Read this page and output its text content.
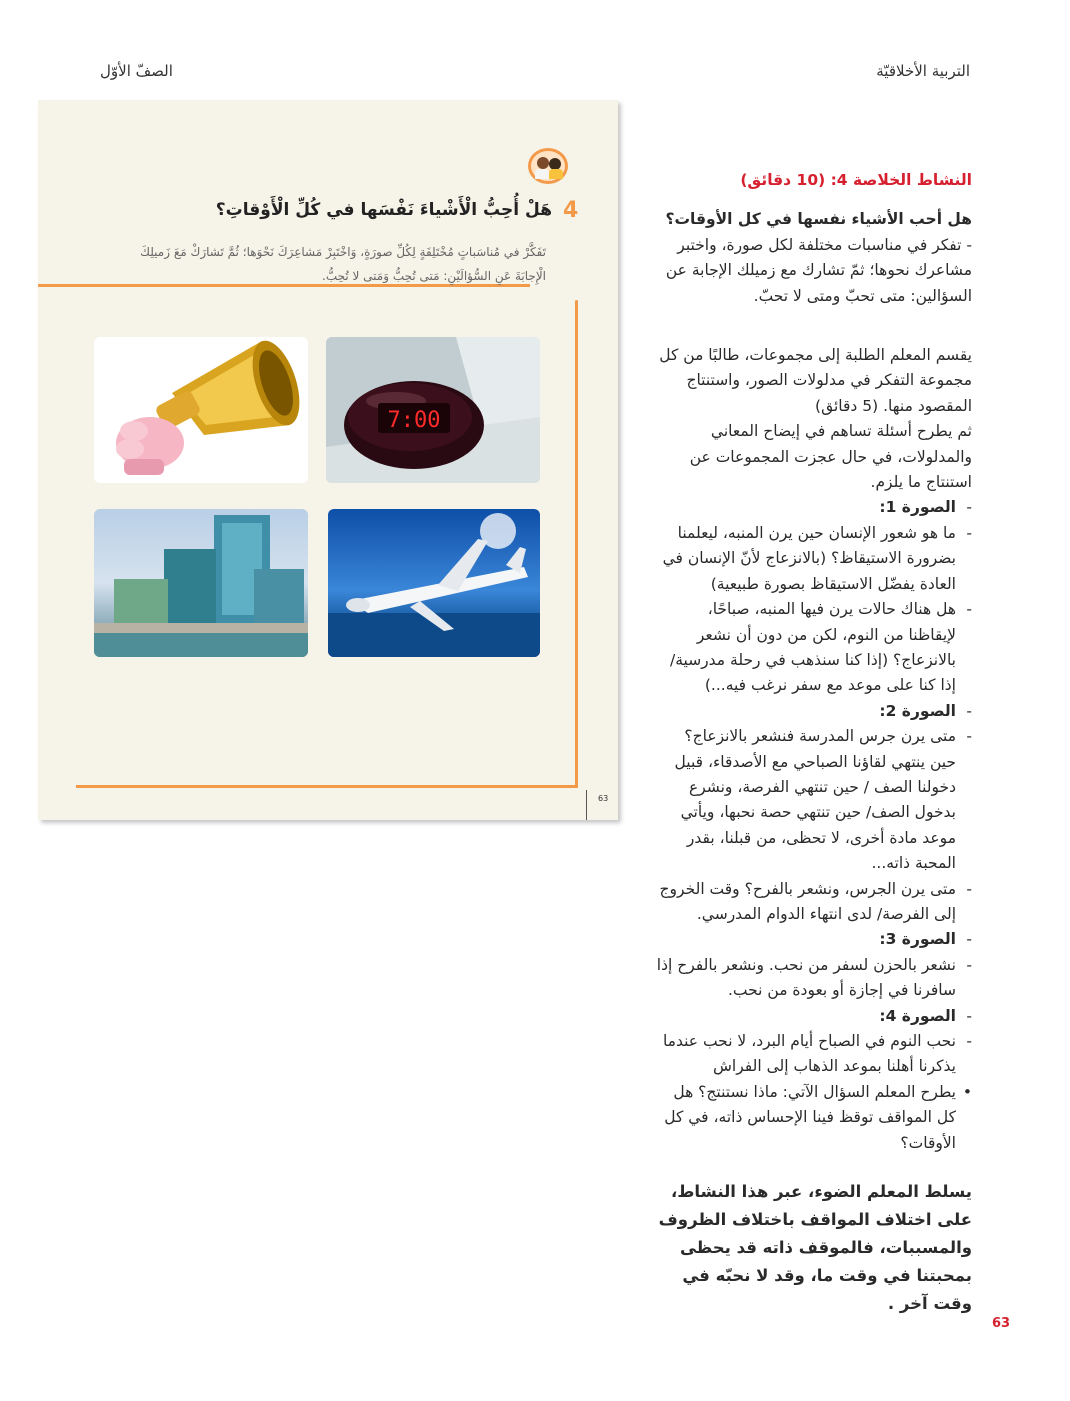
التربية الأخلاقيّة
الصفّ الأوّل
4
هَلْ أُحِبُّ الْأَشْياءَ نَفْسَها في كُلِّ الْأَوْقاتِ؟
تَفَكَّرْ في مُناسَباتٍ مُخْتَلِفَةٍ لِكُلِّ صورَةٍ، وَاخْتَبِرْ مَشاعِرَكَ نَحْوَها؛ ثُمَّ تَشارَكْ مَعَ زَميلِكَ الْإِجابَةَ عَنِ السُّؤالَيْنِ: مَتى تُحِبُّ وَمَتى لا تُحِبُّ.
7:00
63
النشاط الخلاصة 4: (10 دقائق)
هل أحب الأشياء نفسها في كل الأوقات؟
- تفكر في مناسبات مختلفة لكل صورة، واختبر مشاعرك نحوها؛ ثمّ تشارك مع زميلك الإجابة عن السؤالين: متى تحبّ ومتى لا تحبّ.
يقسم المعلم الطلبة إلى مجموعات، طالبًا من كل مجموعة التفكر في مدلولات الصور، واستنتاج المقصود منها. (5 دقائق)
ثم يطرح أسئلة تساهم في إيضاح المعاني والمدلولات، في حال عجزت المجموعات عن استنتاج ما يلزم.
-
الصورة 1:
-
ما هو شعور الإنسان حين يرن المنبه، ليعلمنا بضرورة الاستيقاظ؟ (بالانزعاج لأنّ الإنسان في العادة يفضّل الاستيقاظ بصورة طبيعية)
-
هل هناك حالات يرن فيها المنبه، صباحًا، لإيقاظنا من النوم، لكن من دون أن نشعر بالانزعاج؟ (إذا كنا سنذهب في رحلة مدرسية/ إذا كنا على موعد مع سفر نرغب فيه...)
-
الصورة 2:
-
متى يرن جرس المدرسة فنشعر بالانزعاج؟ حين ينتهي لقاؤنا الصباحي مع الأصدقاء، قبيل دخولنا الصف / حين تنتهي الفرصة، ونشرع بدخول الصف/ حين تنتهي حصة نحبها، ويأتي موعد مادة أخرى، لا تحظى، من قبلنا، بقدر المحبة ذاته...
-
متى يرن الجرس، ونشعر بالفرح؟ وقت الخروج إلى الفرصة/ لدى انتهاء الدوام المدرسي.
-
الصورة 3:
-
نشعر بالحزن لسفر من نحب. ونشعر بالفرح إذا سافرنا في إجازة أو بعودة من نحب.
-
الصورة 4:
-
نحب النوم في الصباح أيام البرد، لا نحب عندما يذكرنا أهلنا بموعد الذهاب إلى الفراش
•
يطرح المعلم السؤال الآتي: ماذا نستنتج؟ هل كل المواقف توقظ فينا الإحساس ذاته، في كل الأوقات؟
يسلط المعلم الضوء، عبر هذا النشاط، على اختلاف المواقف باختلاف الظروف والمسببات، فالموقف ذاته قد يحظى بمحبتنا في وقت ما، وقد لا نحبّه في وقت آخر .
63
